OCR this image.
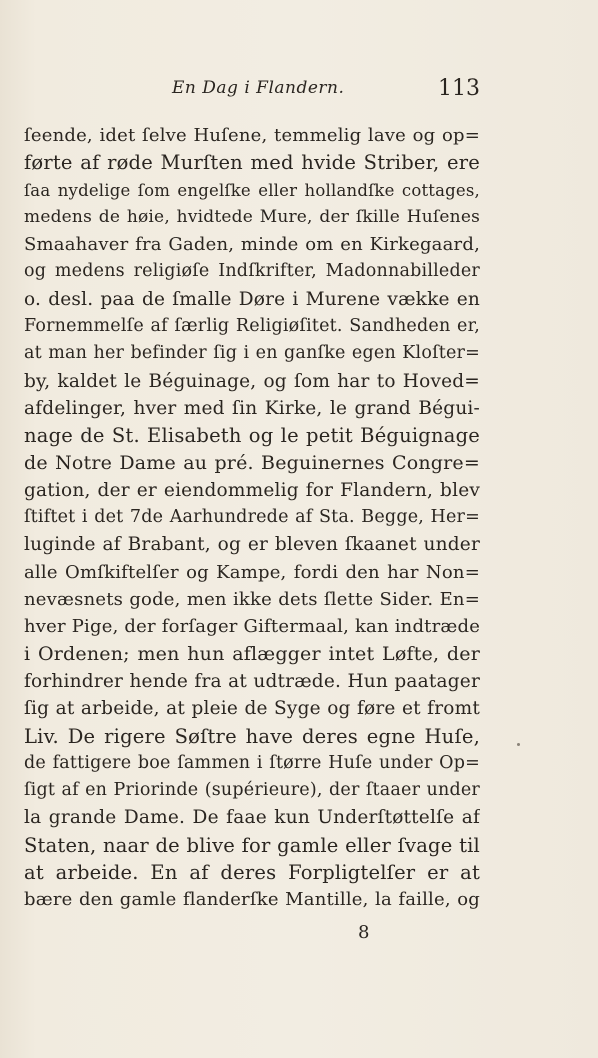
En Dag i Flandern.	113
ſeende, idet ſelve Huſene, temmelig lave og op=
førte af røde Murſten med hvide Striber, ere
ſaa nydelige ſom engelſke eller hollandſke cottages,
medens de høie, hvidtede Mure, der ſkille Huſenes
Smaahaver fra Gaden, minde om en Kirkegaard,
og medens religiøſe Indſkrifter, Madonnabilleder
o. desl. paa de ſmalle Døre i Murene vække en
Fornemmelſe af ſærlig Religiøſitet. Sandheden er,
at man her befinder ſig i en ganſke egen Kloſter=
by, kaldet le Béguinage, og ſom har to Hoved=
afdelinger, hver med ſin Kirke, le grand Bégui-
nage de St. Elisabeth og le petit Béguignage
de Notre Dame au pré. Beguinernes Congre=
gation, der er eiendommelig for Flandern, blev
ſtiftet i det 7de Aarhundrede af Sta. Begge, Her=
luginde af Brabant, og er bleven ſkaanet under
alle Omſkiftelſer og Kampe, fordi den har Non=
nevæsnets gode, men ikke dets ſlette Sider. En=
hver Pige, der forſager Giftermaal, kan indtræde
i Ordenen; men hun aflægger intet Løfte, der
forhindrer hende fra at udtræde. Hun paatager
ſig at arbeide, at pleie de Syge og føre et fromt
Liv. De rigere Søſtre have deres egne Huſe,
de fattigere boe ſammen i ſtørre Huſe under Op=
ſigt af en Priorinde (supérieure), der ſtaaer under
la grande Dame. De faae kun Underſtøttelſe af
Staten, naar de blive for gamle eller ſvage til
at arbeide. En af deres Forpligtelſer er at
bære den gamle flanderſke Mantille, la faille, og
8
